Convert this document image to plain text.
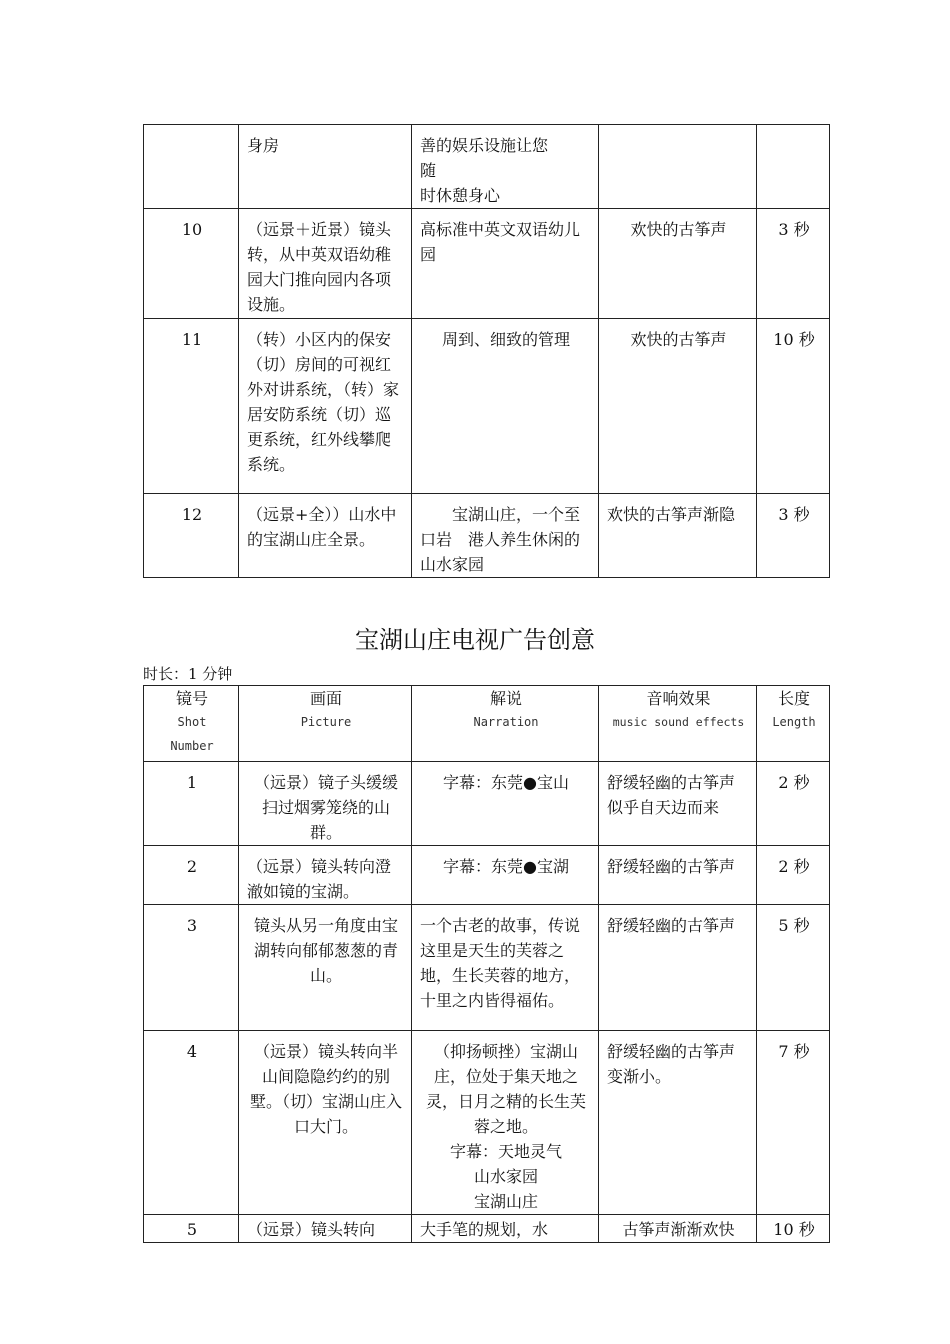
	身房	善的娱乐设施让您
随
时休憩身心		
10	（远景＋近景）镜头转，从中英双语幼稚园大门推向园内各项设施。	高标准中英文双语幼儿园	欢快的古筝声	3 秒
11	（转）小区内的保安（切）房间的可视红外对讲系统，（转）家居安防系统（切）巡更系统，红外线攀爬系统。	周到、细致的管理	欢快的古筝声	10 秒
12	（远景+全））山水中的宝湖山庄全景。	　　宝湖山庄，一个至　口岩　港人养生休闲的山水家园	欢快的古筝声渐隐	3 秒
宝湖山庄电视广告创意
时长：1 分钟
镜号
Shot
Number	画面
Picture	解说
Narration	音响效果
music sound effects	长度
Length

1	（远景）镜子头缓缓扫过烟雾笼绕的山群。	字幕：东莞●宝山	舒缓轻幽的古筝声似乎自天边而来	2 秒
2	（远景）镜头转向澄澈如镜的宝湖。	字幕：东莞●宝湖	舒缓轻幽的古筝声	2 秒
3	镜头从另一角度由宝湖转向郁郁葱葱的青山。	一个古老的故事，传说这里是天生的芙蓉之地，生长芙蓉的地方，十里之内皆得福佑。	舒缓轻幽的古筝声	5 秒
4	（远景）镜头转向半山间隐隐约约的别墅。（切）宝湖山庄入口大门。	（抑扬顿挫）宝湖山庄，位处于集天地之灵，日月之精的长生芙蓉之地。
字幕：天地灵气
山水家园
宝湖山庄	舒缓轻幽的古筝声变渐小。	7 秒
5	（远景）镜头转向	大手笔的规划，水	古筝声渐渐欢快	10 秒
